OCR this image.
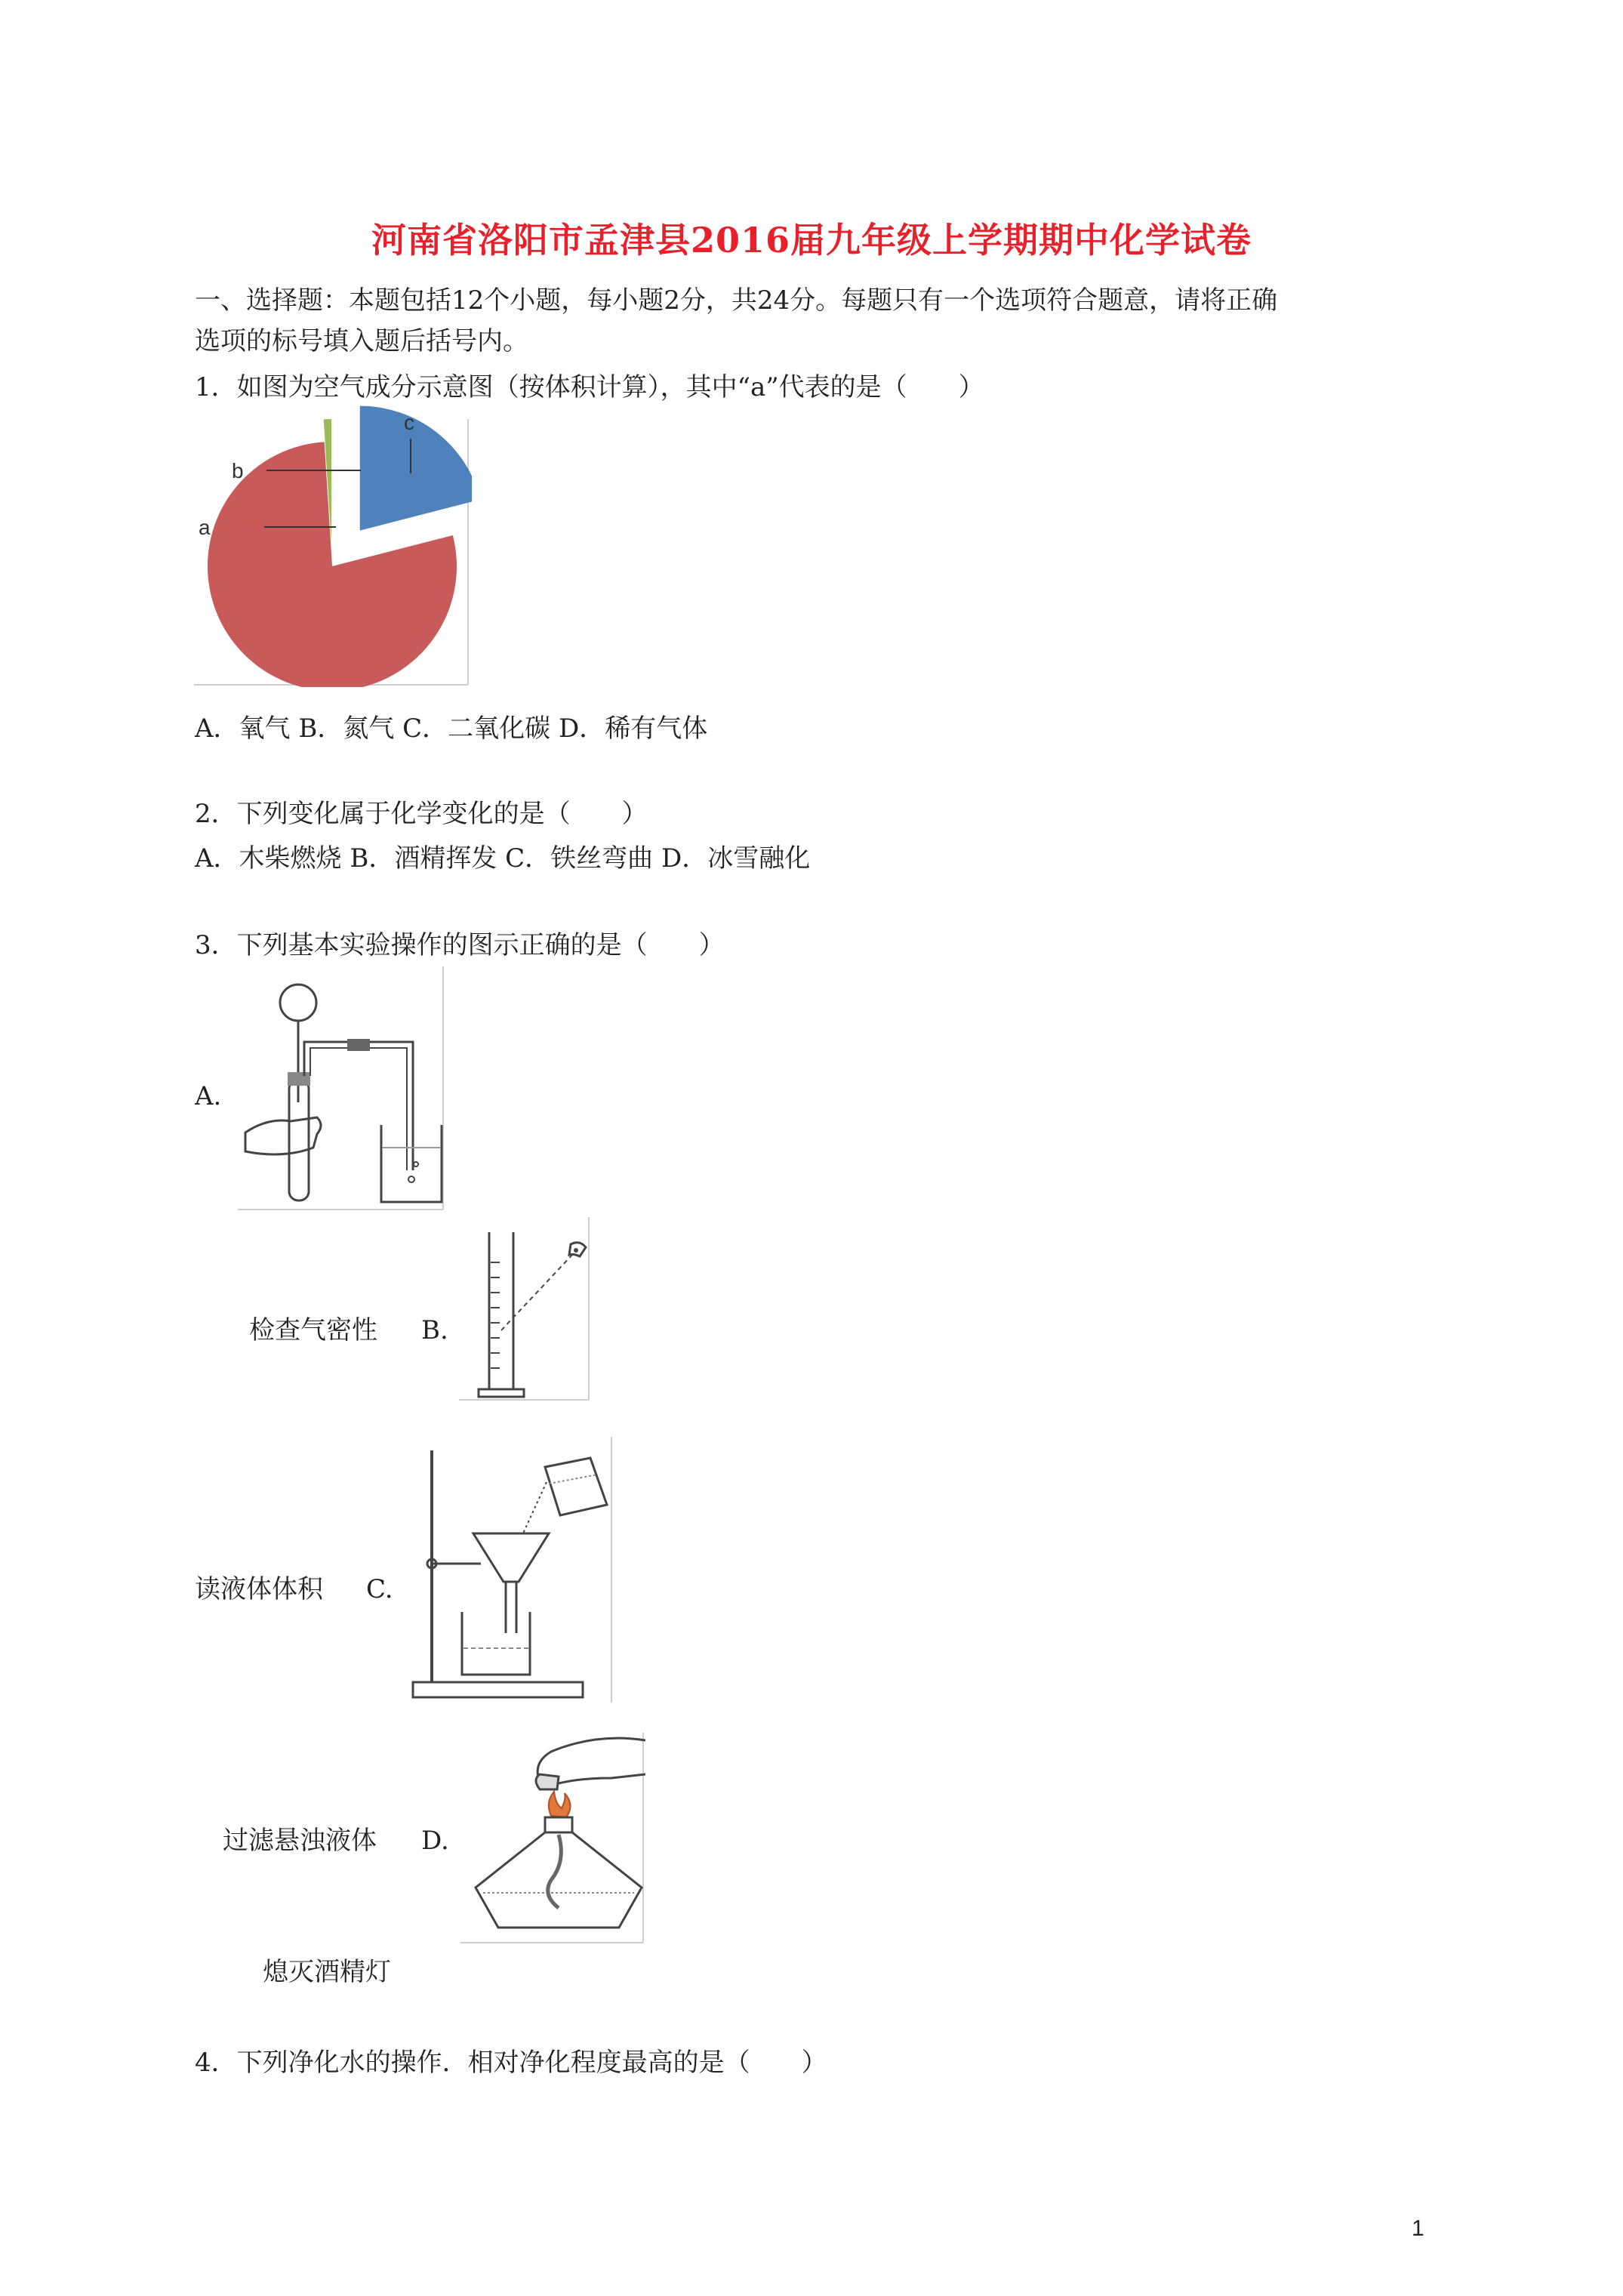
河南省洛阳市孟津县2016届九年级上学期期中化学试卷
一、选择题：本题包括12个小题，每小题2分，共24分。每题只有一个选项符合题意，请将正确
选项的标号填入题后括号内。
1．如图为空气成分示意图（按体积计算），其中“a”代表的是（　　）
a
b
c
A．氧气 B．氮气 C．二氧化碳 D．稀有气体
2．下列变化属于化学变化的是（　　）
A．木柴燃烧 B．酒精挥发 C．铁丝弯曲 D．冰雪融化
3．下列基本实验操作的图示正确的是（　　）
A.
检查气密性 B.
读液体体积 C.
过滤悬浊液体 D.
熄灭酒精灯
4．下列净化水的操作．相对净化程度最高的是（　　）
1
